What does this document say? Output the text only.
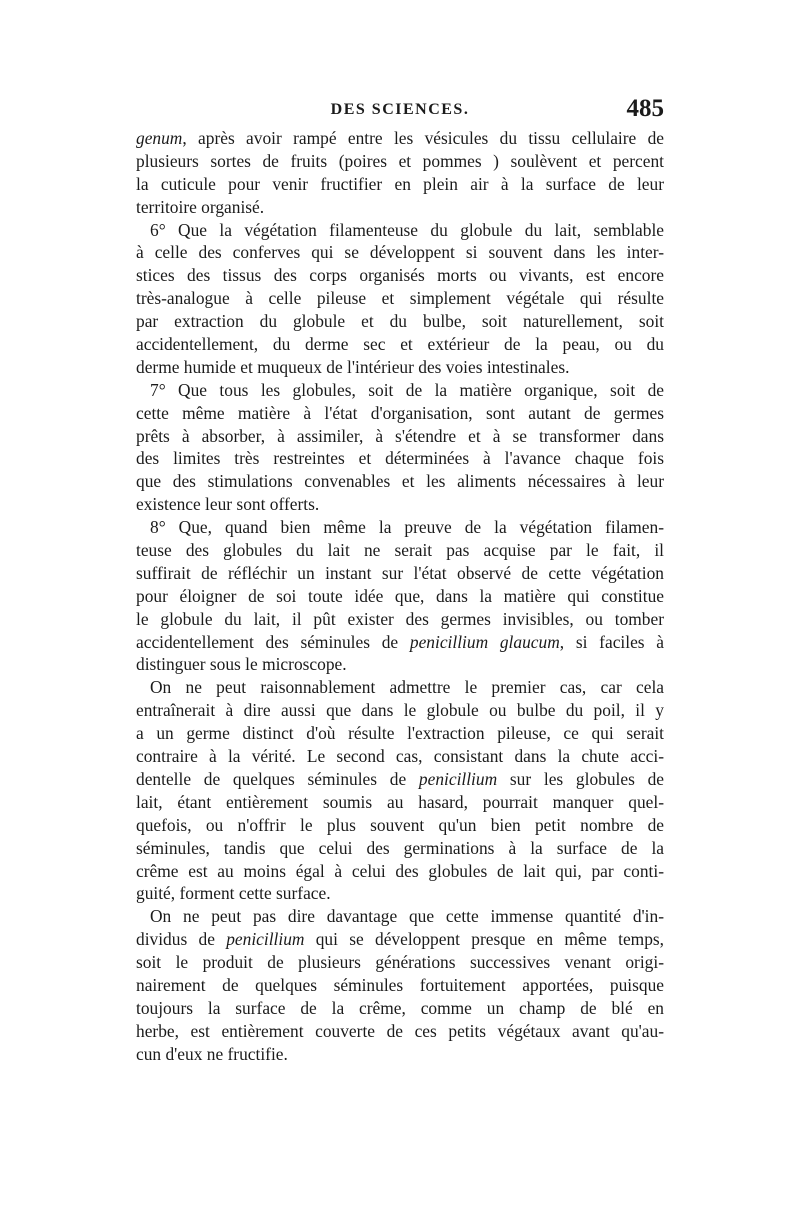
DES SCIENCES.	485
genum, après avoir rampé entre les vésicules du tissu cellulaire de
plusieurs sortes de fruits (poires et pommes ) soulèvent et percent
la cuticule pour venir fructifier en plein air à la surface de leur
territoire organisé.
6° Que la végétation filamenteuse du globule du lait, semblable
à celle des conferves qui se développent si souvent dans les inter-
stices des tissus des corps organisés morts ou vivants, est encore
très-analogue à celle pileuse et simplement végétale qui résulte
par extraction du globule et du bulbe, soit naturellement, soit
accidentellement, du derme sec et extérieur de la peau, ou du
derme humide et muqueux de l'intérieur des voies intestinales.
7° Que tous les globules, soit de la matière organique, soit de
cette même matière à l'état d'organisation, sont autant de germes
prêts à absorber, à assimiler, à s'étendre et à se transformer dans
des limites très restreintes et déterminées à l'avance chaque fois
que des stimulations convenables et les aliments nécessaires à leur
existence leur sont offerts.
8° Que, quand bien même la preuve de la végétation filamen-
teuse des globules du lait ne serait pas acquise par le fait, il
suffirait de réfléchir un instant sur l'état observé de cette végétation
pour éloigner de soi toute idée que, dans la matière qui constitue
le globule du lait, il pût exister des germes invisibles, ou tomber
accidentellement des séminules de penicillium glaucum, si faciles à
distinguer sous le microscope.
On ne peut raisonnablement admettre le premier cas, car cela
entraînerait à dire aussi que dans le globule ou bulbe du poil, il y
a un germe distinct d'où résulte l'extraction pileuse, ce qui serait
contraire à la vérité. Le second cas, consistant dans la chute acci-
dentelle de quelques séminules de penicillium sur les globules de
lait, étant entièrement soumis au hasard, pourrait manquer quel-
quefois, ou n'offrir le plus souvent qu'un bien petit nombre de
séminules, tandis que celui des germinations à la surface de la
crême est au moins égal à celui des globules de lait qui, par conti-
guité, forment cette surface.
On ne peut pas dire davantage que cette immense quantité d'in-
dividus de penicillium qui se développent presque en même temps,
soit le produit de plusieurs générations successives venant origi-
nairement de quelques séminules fortuitement apportées, puisque
toujours la surface de la crême, comme un champ de blé en
herbe, est entièrement couverte de ces petits végétaux avant qu'au-
cun d'eux ne fructifie.
